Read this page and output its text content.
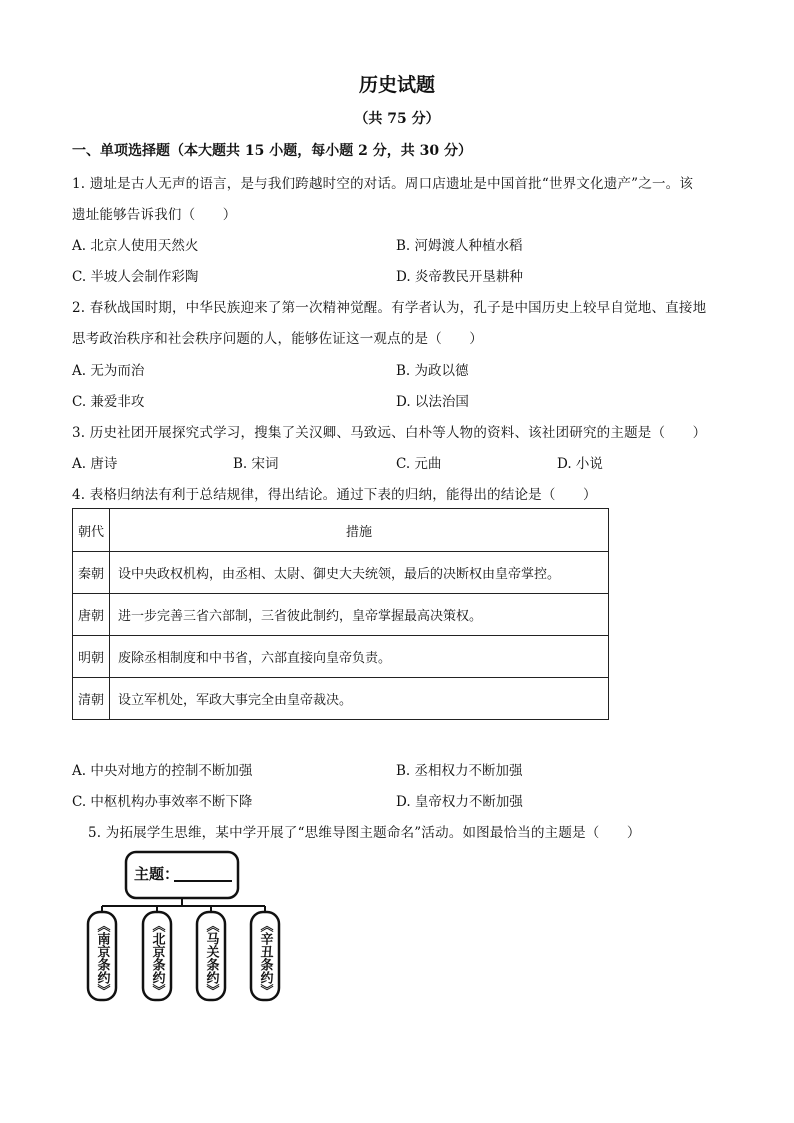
历史试题
（共 75 分）
一、单项选择题（本大题共 15 小题，每小题 2 分，共 30 分）
1. 遗址是古人无声的语言，是与我们跨越时空的对话。周口店遗址是中国首批“世界文化遗产”之一。该
遗址能够告诉我们（　　）
A. 北京人使用天然火	B. 河姆渡人种植水稻
C. 半坡人会制作彩陶	D. 炎帝教民开垦耕种
2. 春秋战国时期，中华民族迎来了第一次精神觉醒。有学者认为，孔子是中国历史上较早自觉地、直接地
思考政治秩序和社会秩序问题的人，能够佐证这一观点的是（　　）
A. 无为而治	B. 为政以德
C. 兼爱非攻	D. 以法治国
3. 历史社团开展探究式学习，搜集了关汉卿、马致远、白朴等人物的资料、该社团研究的主题是（　　）
A. 唐诗	B. 宋词	C. 元曲	D. 小说
4. 表格归纳法有利于总结规律，得出结论。通过下表的归纳，能得出的结论是（　　）
朝代	措施
秦朝	设中央政权机构，由丞相、太尉、御史大夫统领，最后的决断权由皇帝掌控。
唐朝	进一步完善三省六部制，三省彼此制约，皇帝掌握最高决策权。
明朝	废除丞相制度和中书省，六部直接向皇帝负责。
清朝	设立军机处，军政大事完全由皇帝裁决。
A. 中央对地方的控制不断加强	B. 丞相权力不断加强
C. 中枢机构办事效率不断下降	D. 皇帝权力不断加强
5. 为拓展学生思维，某中学开展了“思维导图主题命名”活动。如图最恰当的主题是（　　）
主题：
《南京条约》	《北京条约》	《马关条约》	《辛丑条约》
